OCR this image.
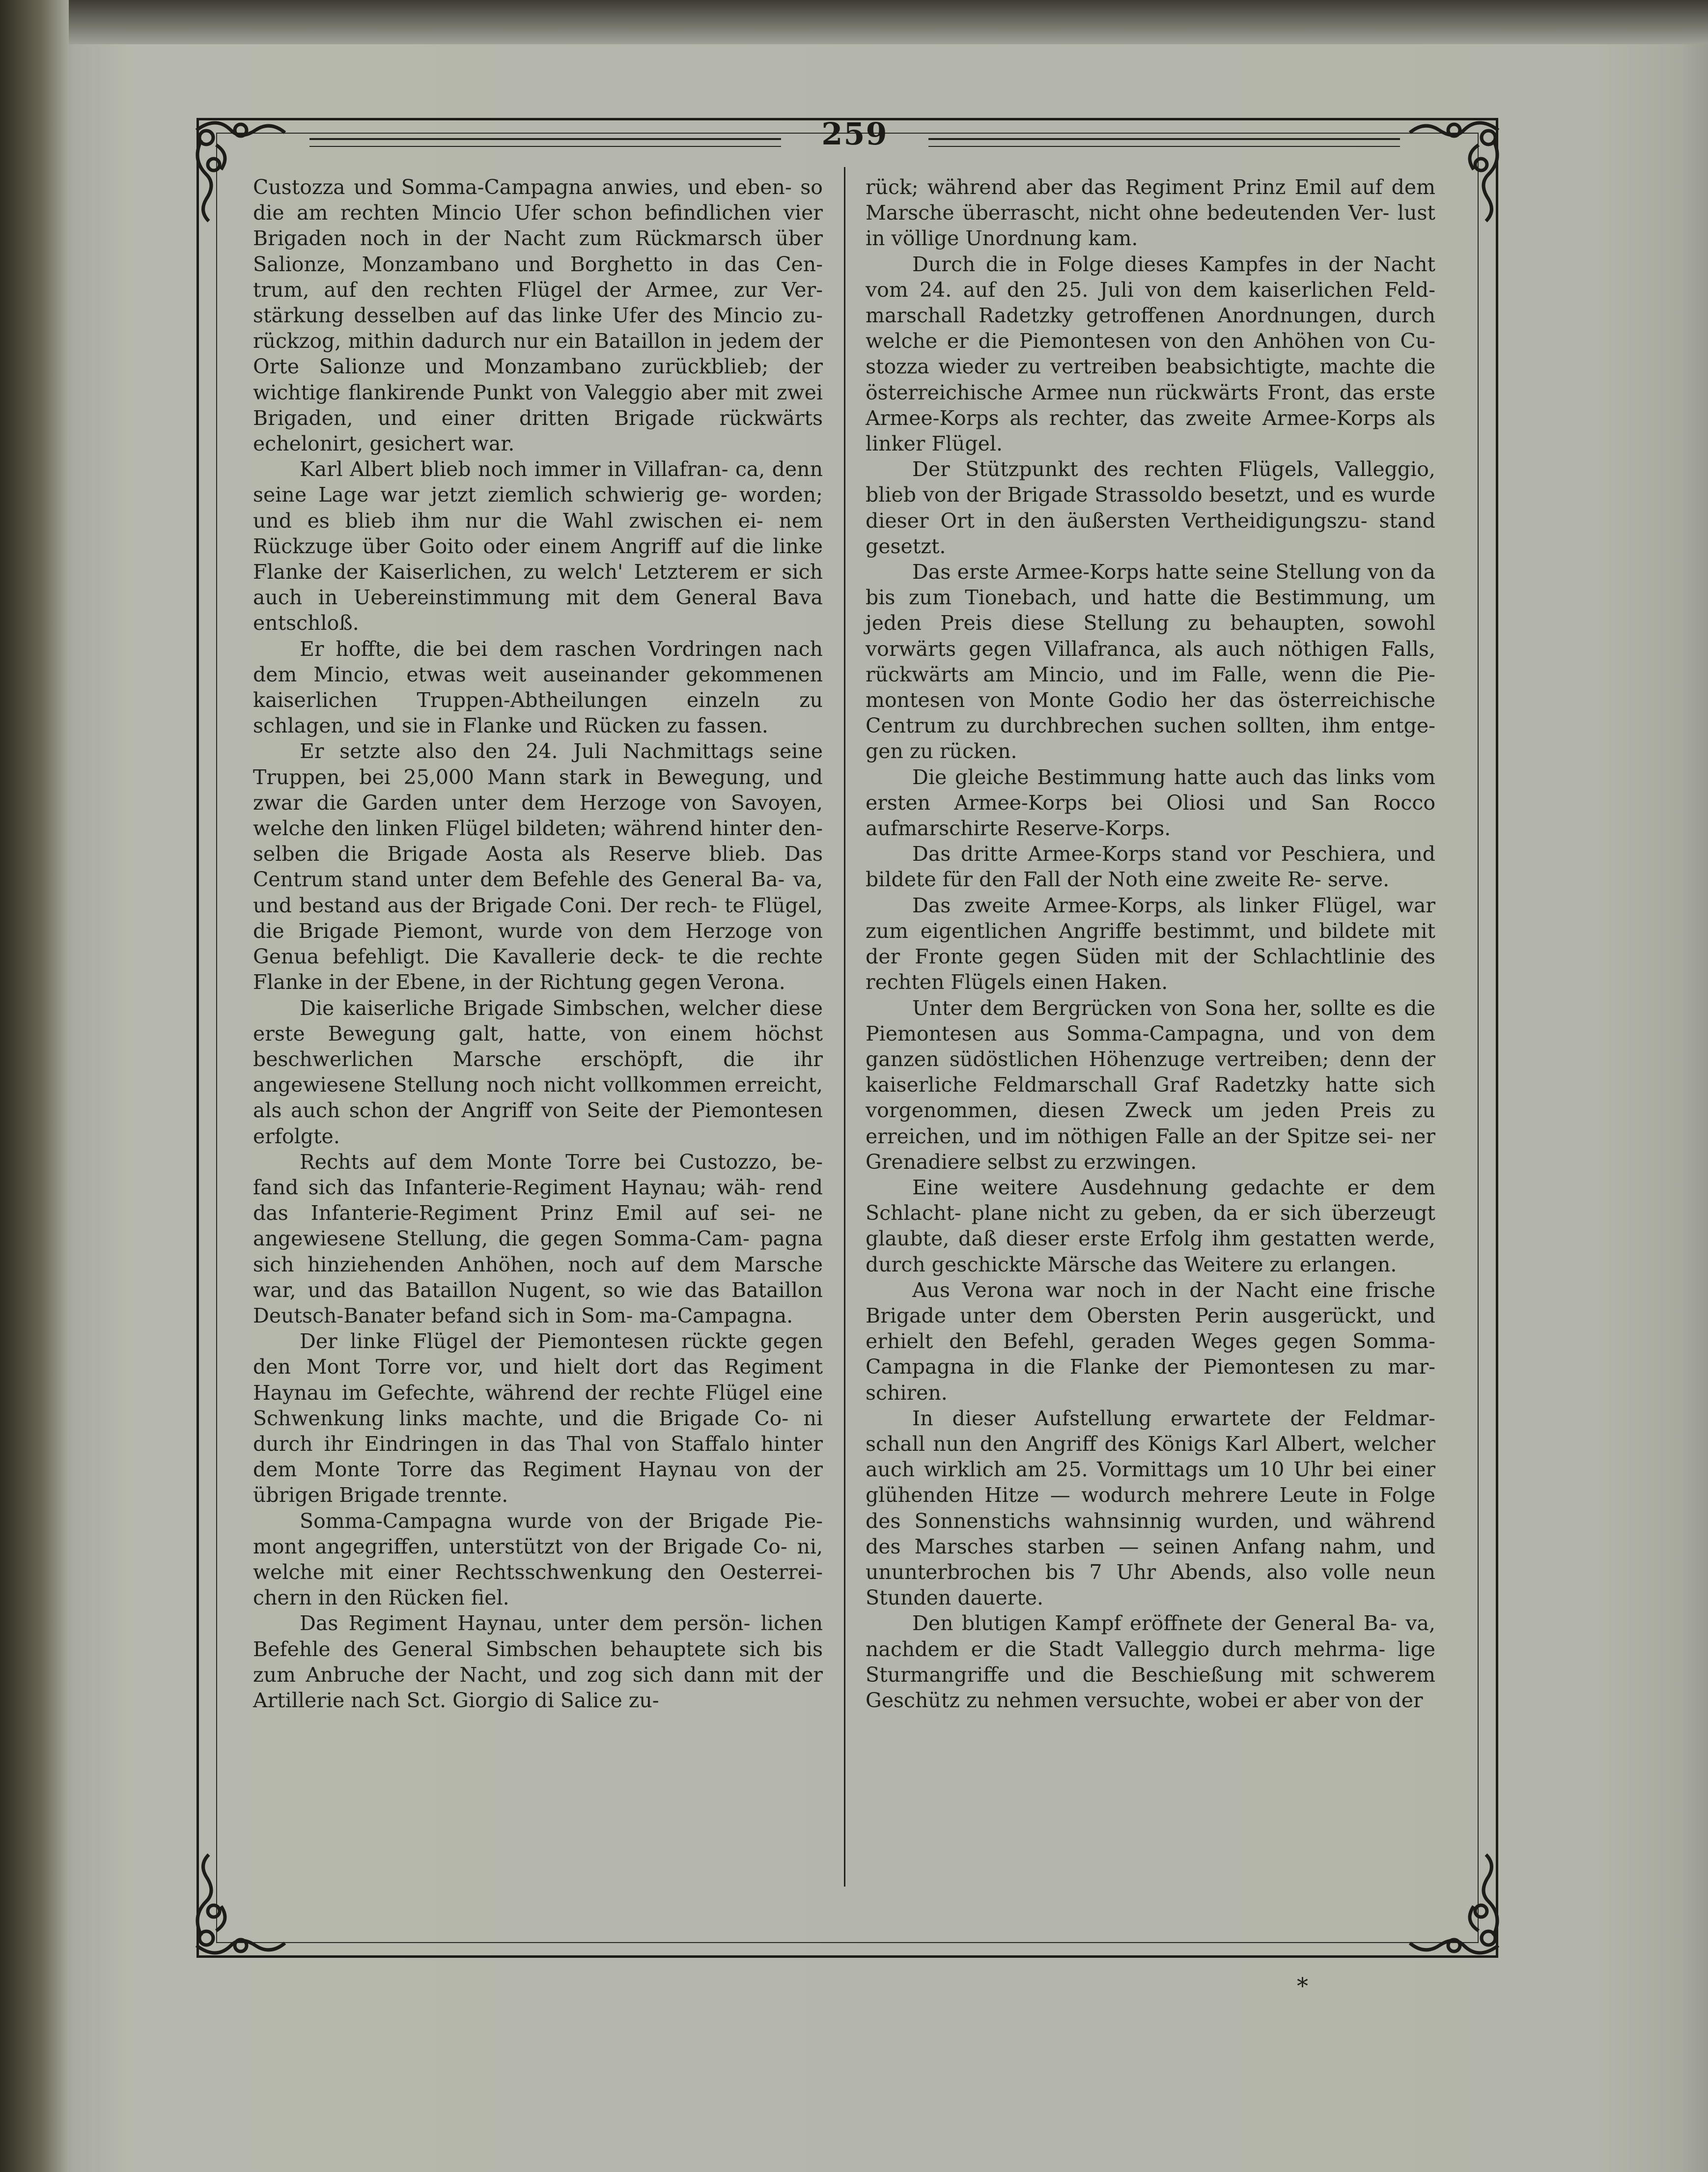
259

Custozza und Somma-Campagna anwies, und eben- so die am rechten Mincio Ufer schon befindlichen vier Brigaden noch in der Nacht zum Rückmarsch über Salionze, Monzambano und Borghetto in das Cen- trum, auf den rechten Flügel der Armee, zur Ver- stärkung desselben auf das linke Ufer des Mincio zu- rückzog, mithin dadurch nur ein Bataillon in jedem der Orte Salionze und Monzambano zurückblieb; der wichtige flankirende Punkt von Valeggio aber mit zwei Brigaden, und einer dritten Brigade rückwärts echelonirt, gesichert war.

Karl Albert blieb noch immer in Villafran- ca, denn seine Lage war jetzt ziemlich schwierig ge- worden; und es blieb ihm nur die Wahl zwischen ei- nem Rückzuge über Goito oder einem Angriff auf die linke Flanke der Kaiserlichen, zu welch' Letzterem er sich auch in Uebereinstimmung mit dem General Bava entschloß.

Er hoffte, die bei dem raschen Vordringen nach dem Mincio, etwas weit auseinander gekommenen kaiserlichen Truppen-Abtheilungen einzeln zu schlagen, und sie in Flanke und Rücken zu fassen.

Er setzte also den 24. Juli Nachmittags seine Truppen, bei 25,000 Mann stark in Bewegung, und zwar die Garden unter dem Herzoge von Savoyen, welche den linken Flügel bildeten; während hinter den- selben die Brigade Aosta als Reserve blieb. Das Centrum stand unter dem Befehle des General Ba- va, und bestand aus der Brigade Coni. Der rech- te Flügel, die Brigade Piemont, wurde von dem Herzoge von Genua befehligt. Die Kavallerie deck- te die rechte Flanke in der Ebene, in der Richtung gegen Verona.

Die kaiserliche Brigade Simbschen, welcher diese erste Bewegung galt, hatte, von einem höchst beschwerlichen Marsche erschöpft, die ihr angewiesene Stellung noch nicht vollkommen erreicht, als auch schon der Angriff von Seite der Piemontesen erfolgte.

Rechts auf dem Monte Torre bei Custozzo, be- fand sich das Infanterie-Regiment Haynau; wäh- rend das Infanterie-Regiment Prinz Emil auf sei- ne angewiesene Stellung, die gegen Somma-Cam- pagna sich hinziehenden Anhöhen, noch auf dem Marsche war, und das Bataillon Nugent, so wie das Bataillon Deutsch-Banater befand sich in Som- ma-Campagna.

Der linke Flügel der Piemontesen rückte gegen den Mont Torre vor, und hielt dort das Regiment Haynau im Gefechte, während der rechte Flügel eine Schwenkung links machte, und die Brigade Co- ni durch ihr Eindringen in das Thal von Staffalo hinter dem Monte Torre das Regiment Haynau von der übrigen Brigade trennte.

Somma-Campagna wurde von der Brigade Pie- mont angegriffen, unterstützt von der Brigade Co- ni, welche mit einer Rechtsschwenkung den Oesterrei- chern in den Rücken fiel.

Das Regiment Haynau, unter dem persön- lichen Befehle des General Simbschen behauptete sich bis zum Anbruche der Nacht, und zog sich dann mit der Artillerie nach Sct. Giorgio di Salice zu-

rück; während aber das Regiment Prinz Emil auf dem Marsche überrascht, nicht ohne bedeutenden Ver- lust in völlige Unordnung kam.

Durch die in Folge dieses Kampfes in der Nacht vom 24. auf den 25. Juli von dem kaiserlichen Feld- marschall Radetzky getroffenen Anordnungen, durch welche er die Piemontesen von den Anhöhen von Cu- stozza wieder zu vertreiben beabsichtigte, machte die österreichische Armee nun rückwärts Front, das erste Armee-Korps als rechter, das zweite Armee-Korps als linker Flügel.

Der Stützpunkt des rechten Flügels, Valleggio, blieb von der Brigade Strassoldo besetzt, und es wurde dieser Ort in den äußersten Vertheidigungszu- stand gesetzt.

Das erste Armee-Korps hatte seine Stellung von da bis zum Tionebach, und hatte die Bestimmung, um jeden Preis diese Stellung zu behaupten, sowohl vorwärts gegen Villafranca, als auch nöthigen Falls, rückwärts am Mincio, und im Falle, wenn die Pie- montesen von Monte Godio her das österreichische Centrum zu durchbrechen suchen sollten, ihm entge- gen zu rücken.

Die gleiche Bestimmung hatte auch das links vom ersten Armee-Korps bei Oliosi und San Rocco aufmarschirte Reserve-Korps.

Das dritte Armee-Korps stand vor Peschiera, und bildete für den Fall der Noth eine zweite Re- serve.

Das zweite Armee-Korps, als linker Flügel, war zum eigentlichen Angriffe bestimmt, und bildete mit der Fronte gegen Süden mit der Schlachtlinie des rechten Flügels einen Haken.

Unter dem Bergrücken von Sona her, sollte es die Piemontesen aus Somma-Campagna, und von dem ganzen südöstlichen Höhenzuge vertreiben; denn der kaiserliche Feldmarschall Graf Radetzky hatte sich vorgenommen, diesen Zweck um jeden Preis zu erreichen, und im nöthigen Falle an der Spitze sei- ner Grenadiere selbst zu erzwingen.

Eine weitere Ausdehnung gedachte er dem Schlacht- plane nicht zu geben, da er sich überzeugt glaubte, daß dieser erste Erfolg ihm gestatten werde, durch geschickte Märsche das Weitere zu erlangen.

Aus Verona war noch in der Nacht eine frische Brigade unter dem Obersten Perin ausgerückt, und erhielt den Befehl, geraden Weges gegen Somma- Campagna in die Flanke der Piemontesen zu mar- schiren.

In dieser Aufstellung erwartete der Feldmar- schall nun den Angriff des Königs Karl Albert, welcher auch wirklich am 25. Vormittags um 10 Uhr bei einer glühenden Hitze — wodurch mehrere Leute in Folge des Sonnenstichs wahnsinnig wurden, und während des Marsches starben — seinen Anfang nahm, und ununterbrochen bis 7 Uhr Abends, also volle neun Stunden dauerte.

Den blutigen Kampf eröffnete der General Ba- va, nachdem er die Stadt Valleggio durch mehrma- lige Sturmangriffe und die Beschießung mit schwerem Geschütz zu nehmen versuchte, wobei er aber von der

*
